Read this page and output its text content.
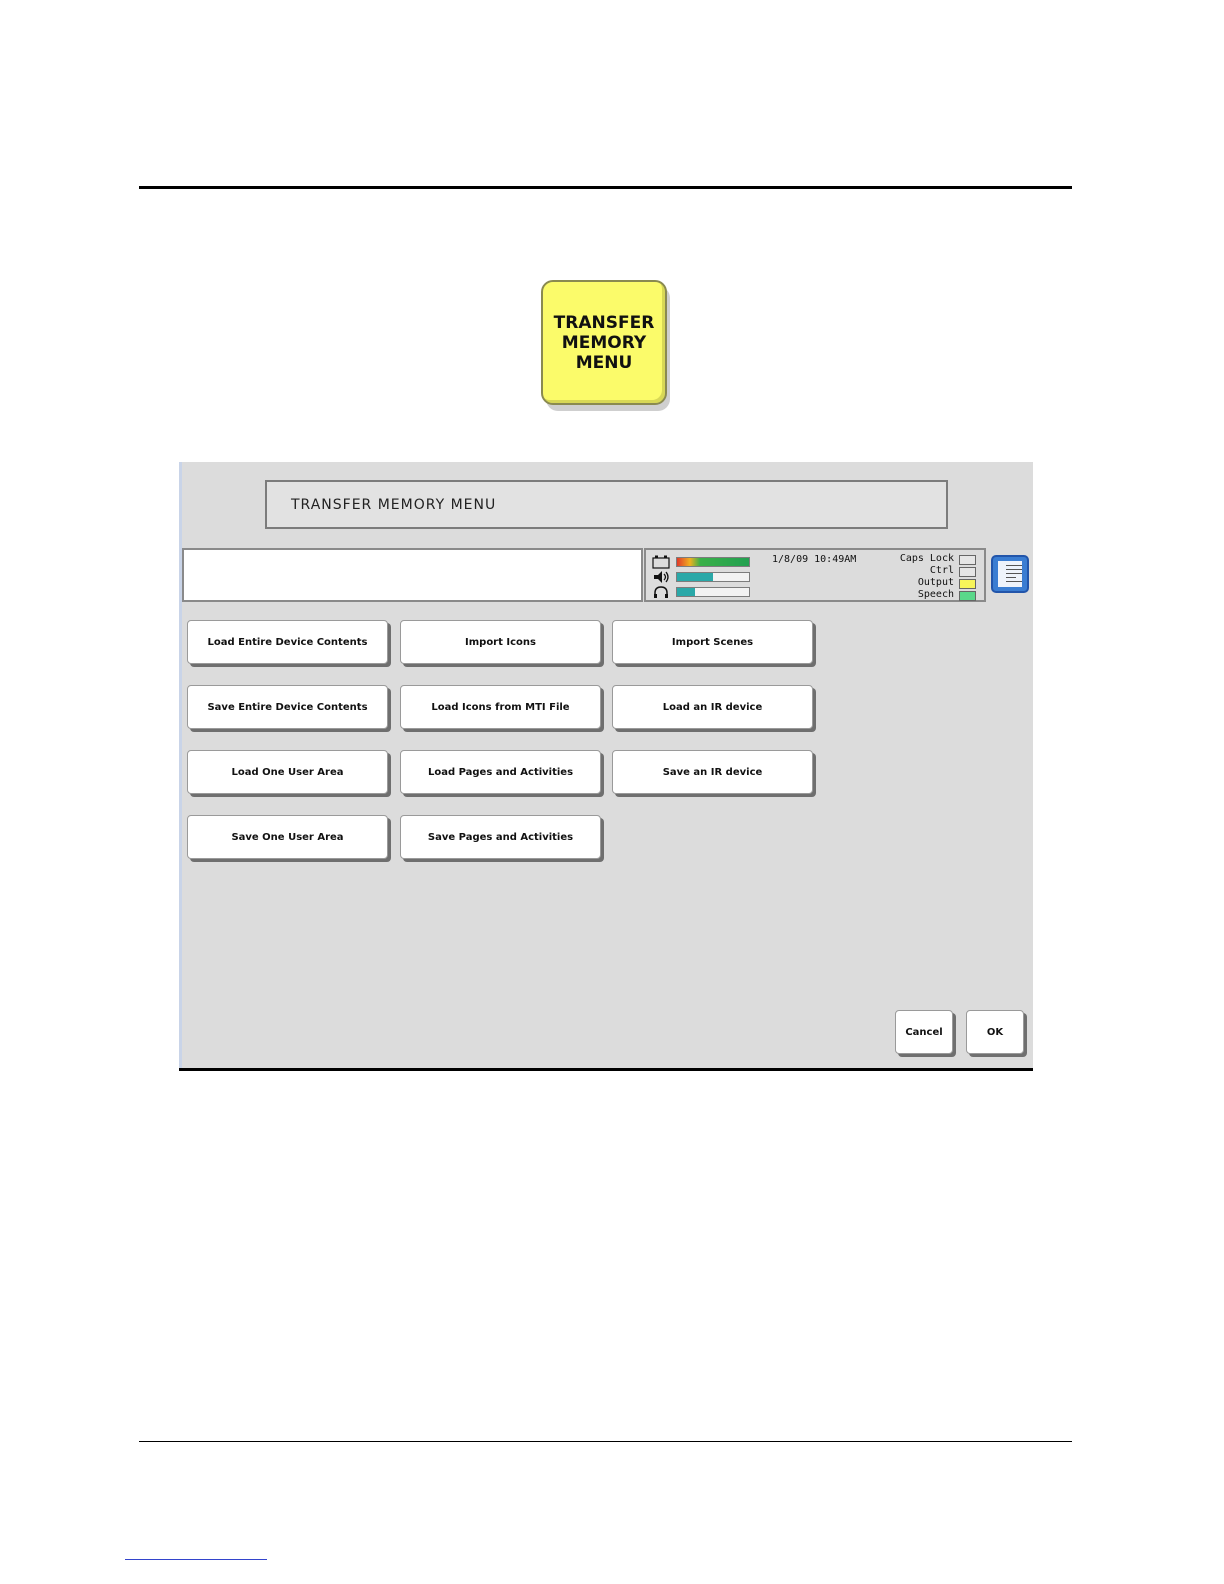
TRANSFER
MEMORY
MENU
TRANSFER MEMORY MENU
1/8/09 10:49AM	Caps Lock
Ctrl
Output
Speech
Load Entire Device Contents	Import Icons	Import Scenes
Save Entire Device Contents	Load Icons from MTI File	Load an IR device
Load One User Area	Load Pages and Activities	Save an IR device
Save One User Area	Save Pages and Activities
Cancel	OK
